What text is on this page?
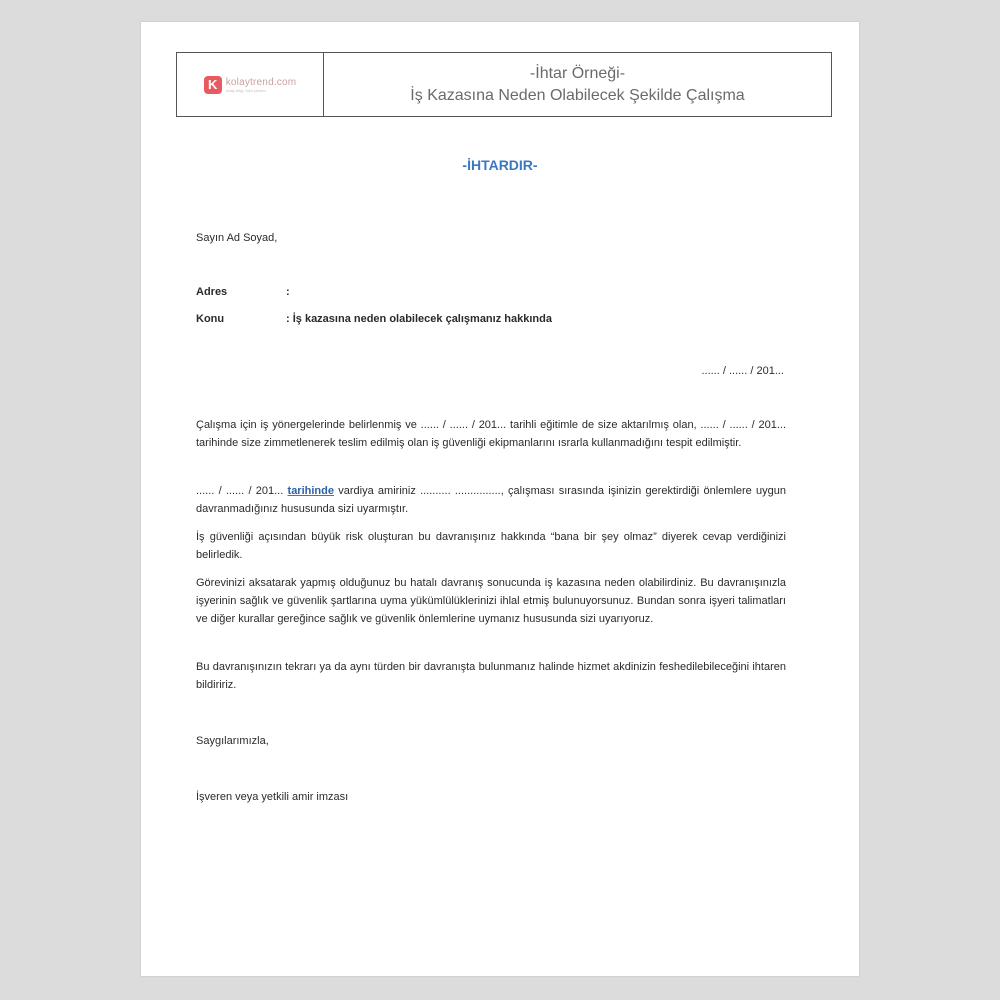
K kolaytrend.com
kolay bilgi, hızlı çözüm
-İhtar Örneği-
İş Kazasına Neden Olabilecek Şekilde Çalışma
-İHTARDIR-
Sayın Ad Soyad,
Adres	:
Konu	: İş kazasına neden olabilecek çalışmanız hakkında
...... / ...... / 201...
Çalışma için iş yönergelerinde belirlenmiş ve ...... / ...... / 201... tarihli eğitimle de size aktarılmış olan, ...... / ...... / 201... tarihinde size zimmetlenerek teslim edilmiş olan iş güvenliği ekipmanlarını ısrarla kullanmadığını tespit edilmiştir.
...... / ...... / 201... tarihinde vardiya amiriniz .......... ..............., çalışması sırasında işinizin gerektirdiği önlemlere uygun davranmadığınız hususunda sizi uyarmıştır.
İş güvenliği açısından büyük risk oluşturan bu davranışınız hakkında “bana bir şey olmaz” diyerek cevap verdiğinizi belirledik.
Görevinizi aksatarak yapmış olduğunuz bu hatalı davranış sonucunda iş kazasına neden olabilirdiniz. Bu davranışınızla işyerinin sağlık ve güvenlik şartlarına uyma yükümlülüklerinizi ihlal etmiş bulunuyorsunuz. Bundan sonra işyeri talimatları ve diğer kurallar gereğince sağlık ve güvenlik önlemlerine uymanız hususunda sizi uyarıyoruz.
Bu davranışınızın tekrarı ya da aynı türden bir davranışta bulunmanız halinde hizmet akdinizin feshedilebileceğini ihtaren bildiririz.
Saygılarımızla,
İşveren veya yetkili amir imzası
